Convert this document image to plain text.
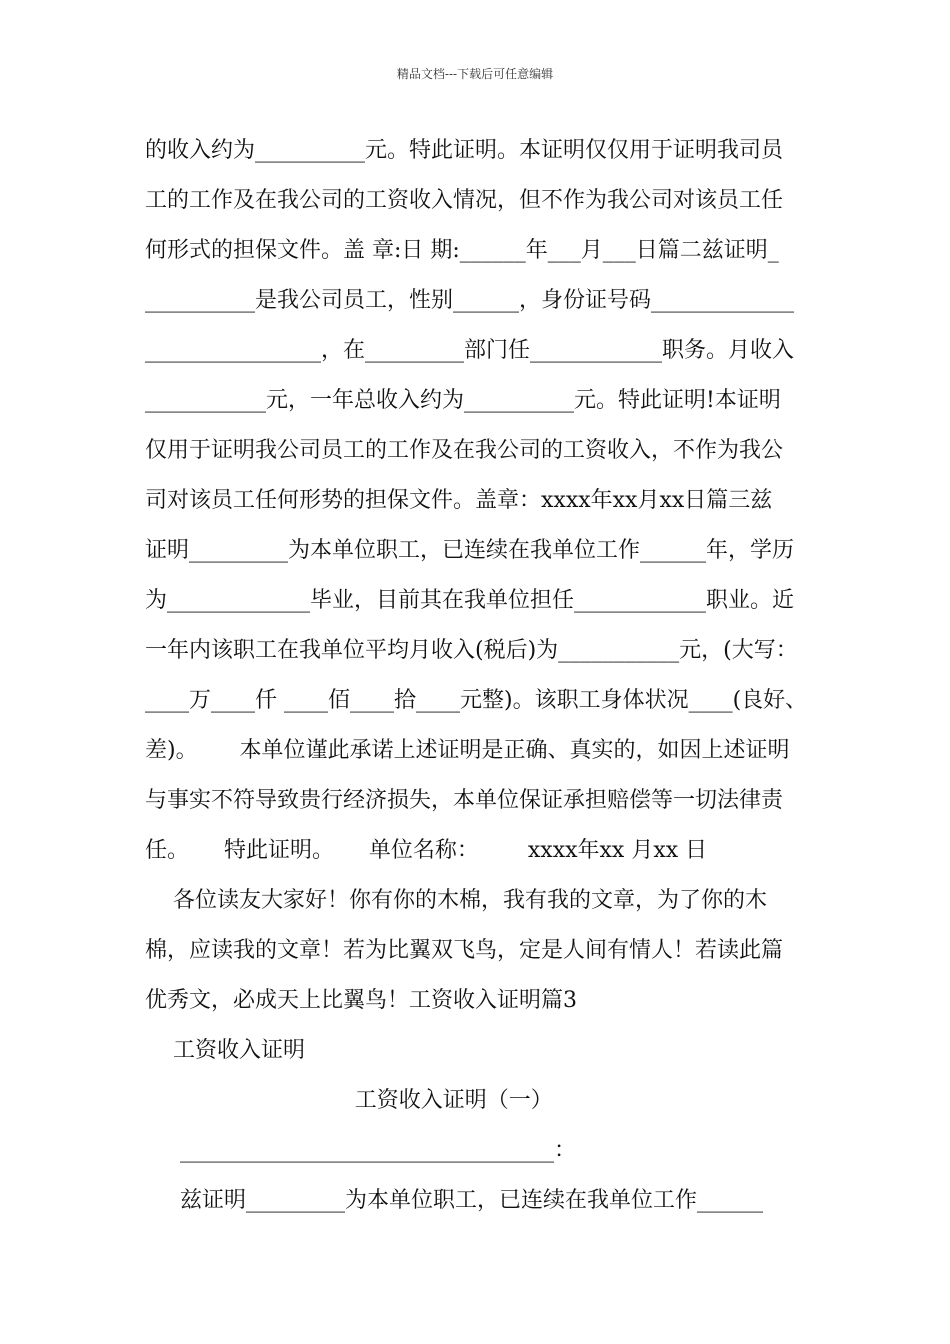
精品文档---下载后可任意编辑
的收入约为__________元。特此证明。本证明仅仅用于证明我司员
工的工作及在我公司的工资收入情况，但不作为我公司对该员工任
何形式的担保文件。盖 章:日 期:______年___月___日篇二兹证明_
__________是我公司员工，性别______，身份证号码_____________
________________，在_________部门任____________职务。月收入
___________元，一年总收入约为__________元。特此证明!本证明
仅用于证明我公司员工的工作及在我公司的工资收入，不作为我公
司对该员工任何形势的担保文件。盖章：xxxx年xx月xx日篇三兹
证明_________为本单位职工，已连续在我单位工作______年，学历
为_____________毕业，目前其在我单位担任____________职业。近
一年内该职工在我单位平均月收入(税后)为___________元，(大写：
____万____仟 ____佰____拾____元整)。该职工身体状况____(良好、
差)。      本单位谨此承诺上述证明是正确、真实的，如因上述证明
与事实不符导致贵行经济损失，本单位保证承担赔偿等一切法律责
任。     特此证明。     单位名称：       xxxx年xx 月xx 日
各位读友大家好！你有你的木棉，我有我的文章，为了你的木
棉，应读我的文章！若为比翼双飞鸟，定是人间有情人！若读此篇
优秀文，必成天上比翼鸟！工资收入证明篇3
工资收入证明
工资收入证明（一）
__________________________________：
兹证明_________为本单位职工，已连续在我单位工作______
